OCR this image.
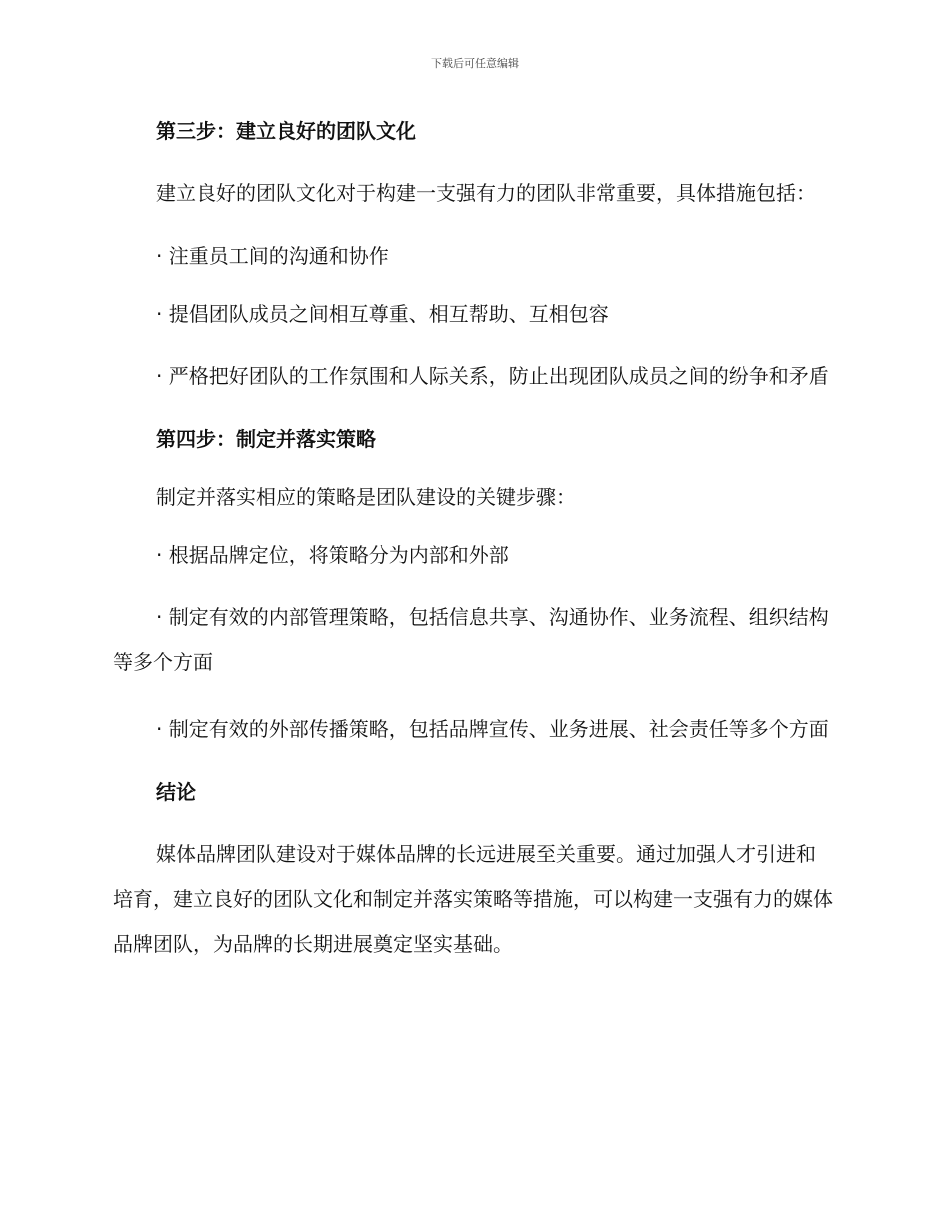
下载后可任意编辑

第三步：建立良好的团队文化

建立良好的团队文化对于构建一支强有力的团队非常重要，具体措施包括：

· 注重员工间的沟通和协作

· 提倡团队成员之间相互尊重、相互帮助、互相包容

· 严格把好团队的工作氛围和人际关系，防止出现团队成员之间的纷争和矛盾

第四步：制定并落实策略

制定并落实相应的策略是团队建设的关键步骤：

· 根据品牌定位，将策略分为内部和外部

· 制定有效的内部管理策略，包括信息共享、沟通协作、业务流程、组织结构等多个方面

· 制定有效的外部传播策略，包括品牌宣传、业务进展、社会责任等多个方面

结论

媒体品牌团队建设对于媒体品牌的长远进展至关重要。通过加强人才引进和培育，建立良好的团队文化和制定并落实策略等措施，可以构建一支强有力的媒体品牌团队，为品牌的长期进展奠定坚实基础。
